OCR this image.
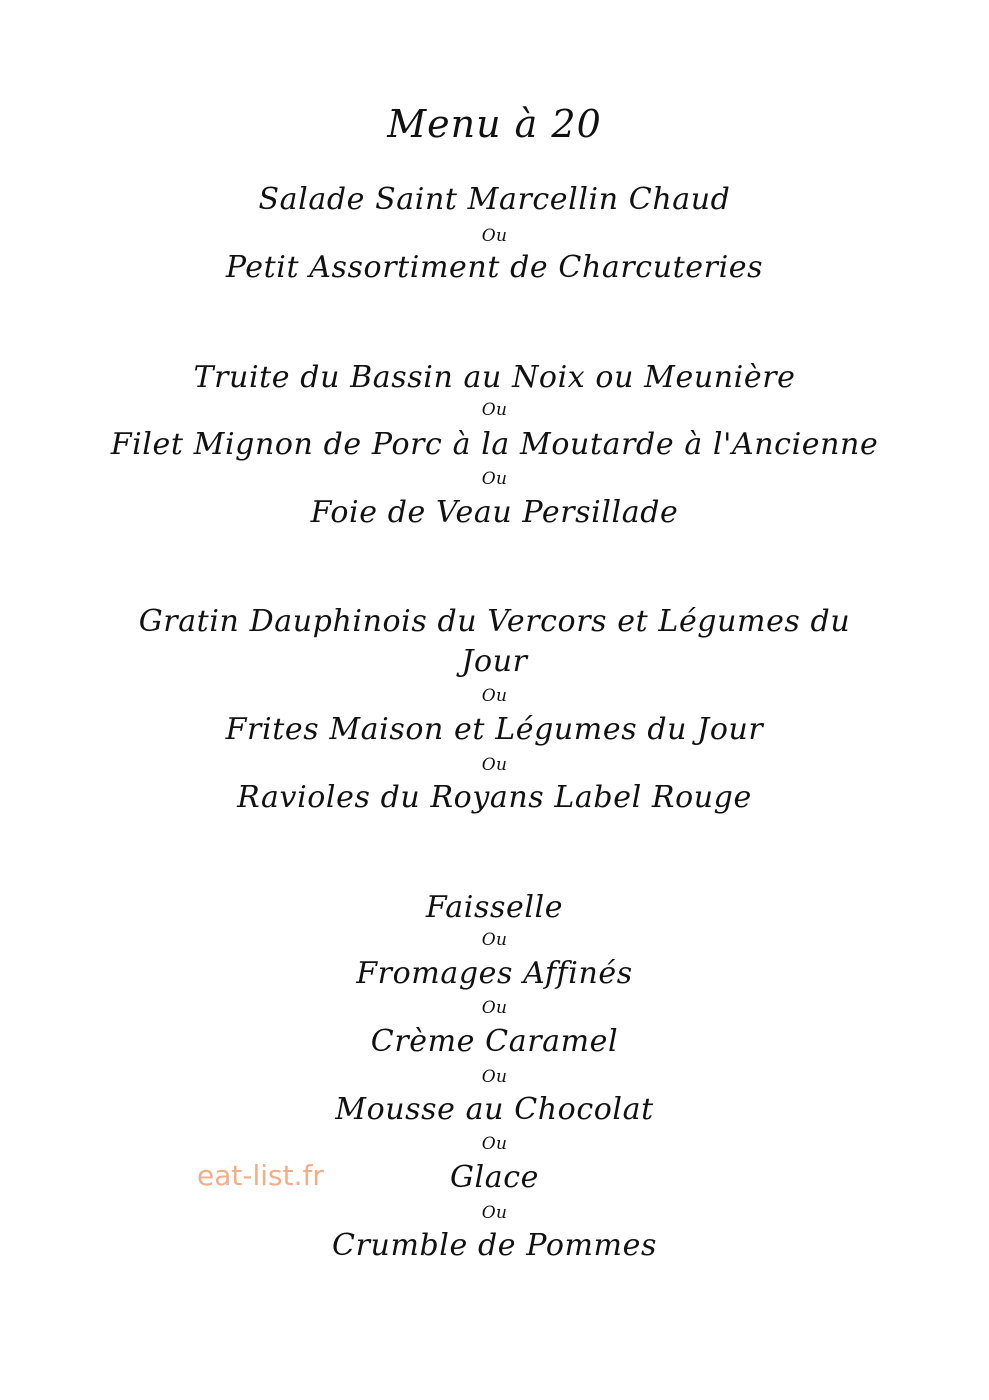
Menu à 20
Salade Saint Marcellin Chaud
Ou
Petit Assortiment de Charcuteries
Truite du Bassin au Noix ou Meunière
Ou
Filet Mignon de Porc à la Moutarde à l'Ancienne
Ou
Foie de Veau Persillade
Gratin Dauphinois du Vercors et Légumes du
Jour
Ou
Frites Maison et Légumes du Jour
Ou
Ravioles du Royans Label Rouge
Faisselle
Ou
Fromages Affinés
Ou
Crème Caramel
Ou
Mousse au Chocolat
Ou
Glace
Ou
Crumble de Pommes
eat-list.fr
